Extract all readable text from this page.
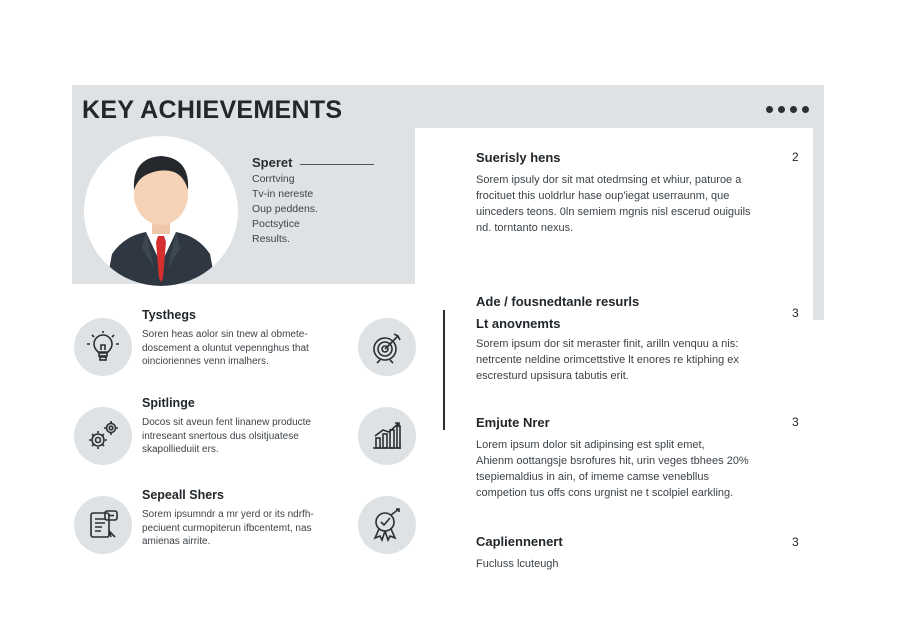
KEY ACHIEVEMENTS
Speret
Corrtving
Tv-in nereste
Oup peddens.
Poctsytice
Results.
Tysthegs
Soren heas aolor sin tnew al obmete-
doscement a oluntut vepennghus that
oincioriennes venn imalhers.
Spitlinge
Docos sit aveun fent linanew producte
intreseant snertous dus olsitjuatese
skapollieduiit ers.
Sepeall Shers
Sorem ipsumndr a mr yerd or its ndrfh-
peciuent curmopiterun ifbcentemt, nas
amienas airrite.
Suerisly hens
Sorem ipsuly dor sit mat otedmsing et whiur, paturoe a
frocituet this uoldrlur hase oup'iegat userraunm, que
uinceders teons. 0ln semiem mgnis nisl escerud ouiguils
nd. torntanto nexus.
2
Ade / fousnedtanle resurls
Lt anovnemts
Sorem ipsum dor sit meraster finit, arilln venquu a nis:
netrcente neldine orimcettstive lt enores re ktiphing ex
escresturd upsisura tabutis erit.
3
Emjute Nrer
Lorem ipsum dolor sit adipinsing est split emet,
Ahienm oottangsje bsrofures hit, urin veges tbhees 20%
tsepiemaldius in ain, of imeme camse venebllus
competion tus offs cons urgnist ne t scolpiel earkling.
3
Capliennenert
Fucluss lcuteugh
3
